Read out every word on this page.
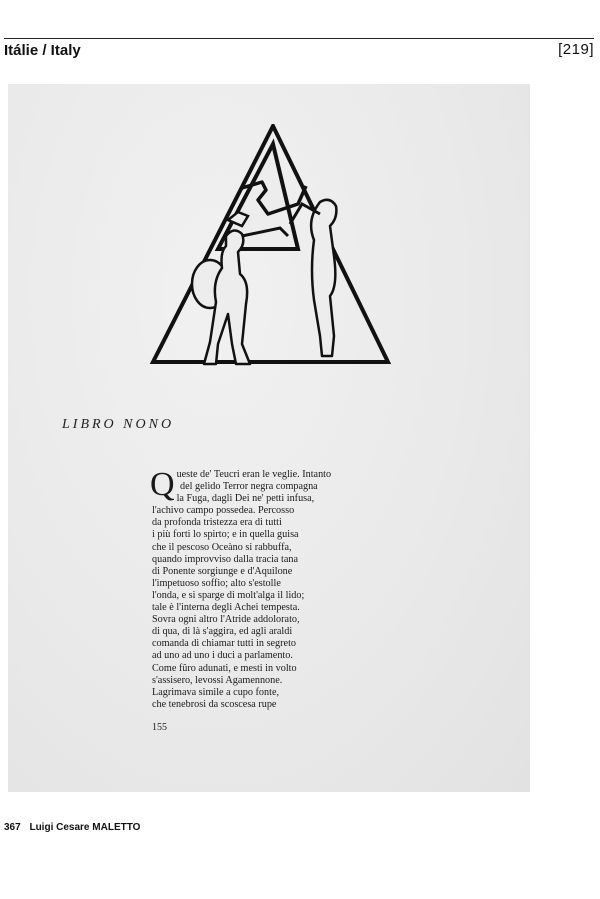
Itálie / Italy	[219]
LIBRO NONO
Q ueste de' Teucri eran le veglie. Intanto
del gelido Terror negra compagna
la Fuga, dagli Dei ne' petti infusa,
l'achivo campo possedea. Percosso
da profonda tristezza era di tutti
i più forti lo spirto; e in quella guisa
che il pescoso Oceàno si rabbuffa,
quando improvviso dalla tracia tana
di Ponente sorgiunge e d'Aquilone
l'impetuoso soffio; alto s'estolle
l'onda, e si sparge di molt'alga il lido;
tale è l'interna degli Achei tempesta.
Sovra ogni altro l'Atride addolorato,
di qua, di là s'aggira, ed agli araldi
comanda di chiamar tutti in segreto
ad uno ad uno i duci a parlamento.
Come fûro adunati, e mesti in volto
s'assisero, levossi Agamennone.
Lagrimava simile a cupo fonte,
che tenebrosi da scoscesa rupe
155
367 Luigi Cesare MALETTO
